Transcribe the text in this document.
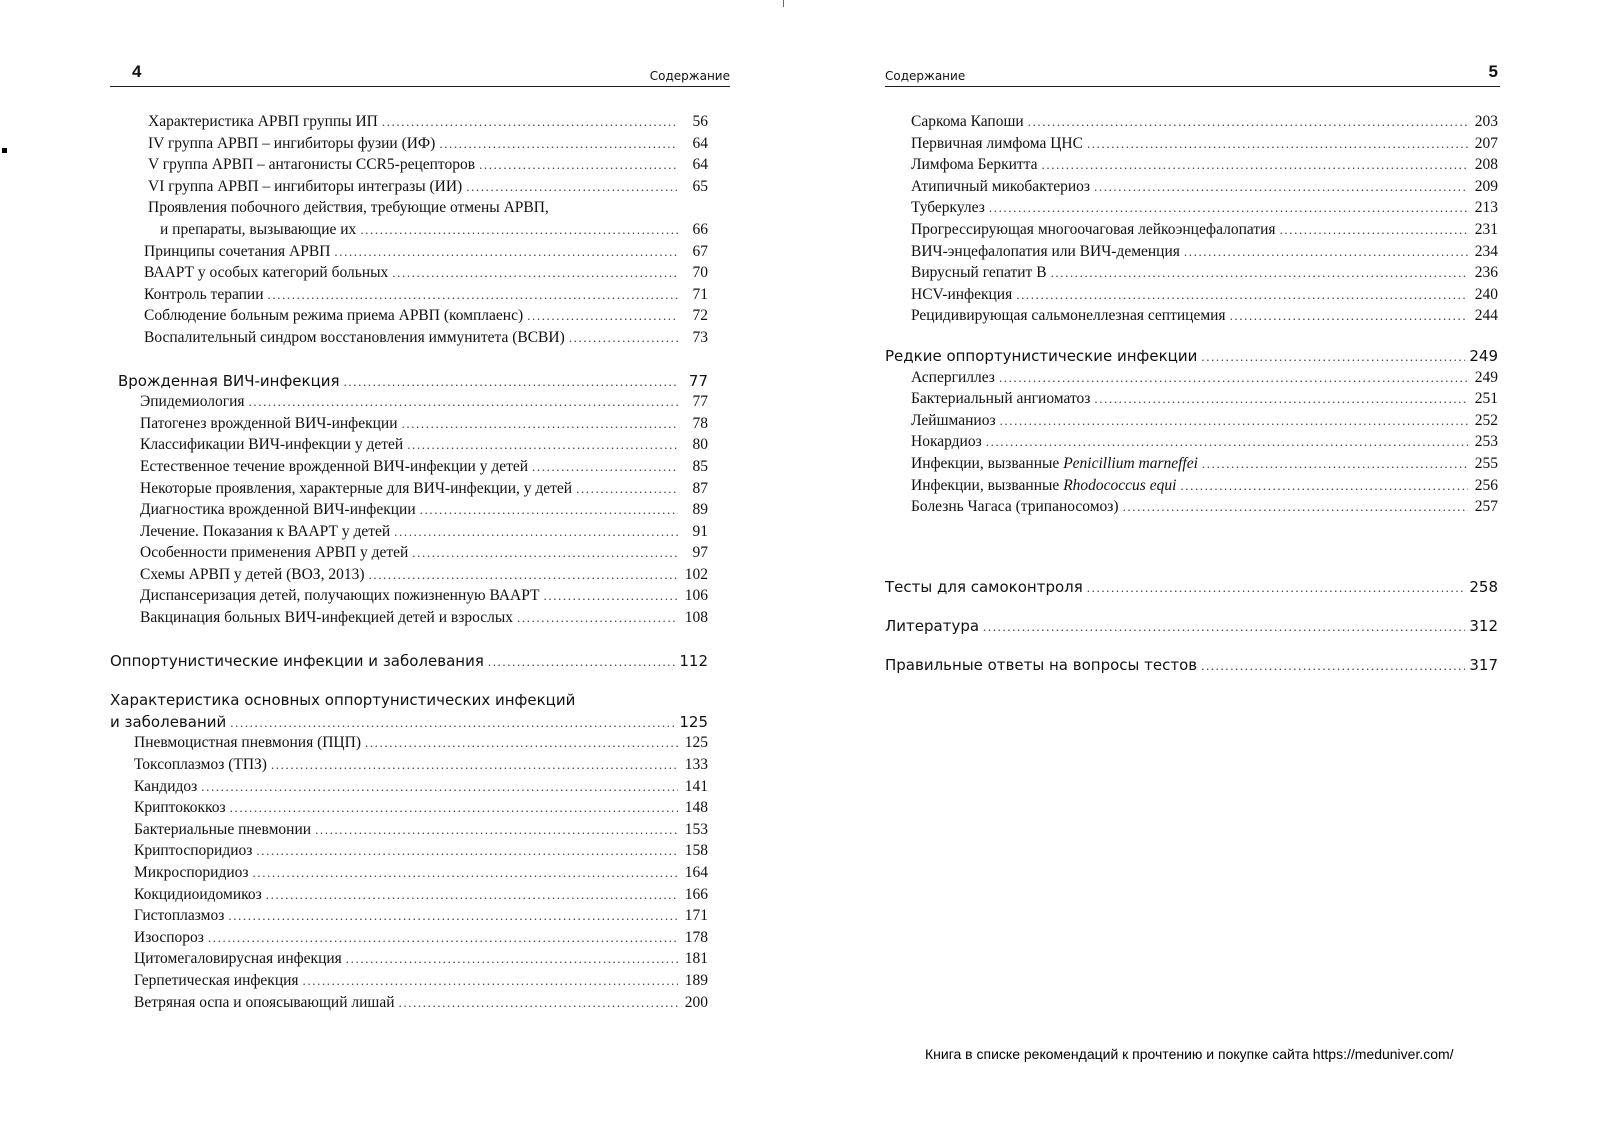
4	Содержание
Характеристика АРВП группы ИП .....	56
IV группа АРВП – ингибиторы фузии (ИФ) .....	64
V группа АРВП – антагонисты CCR5-рецепторов .....	64
VI группа АРВП – ингибиторы интегразы (ИИ) .....	65
Проявления побочного действия, требующие отмены АРВП,
и препараты, вызывающие их .....	66
Принципы сочетания АРВП .....	67
ВААРТ у особых категорий больных .....	70
Контроль терапии .....	71
Соблюдение больным режима приема АРВП (комплаенс) .....	72
Воспалительный синдром восстановления иммунитета (ВСВИ) .....	73
Врожденная ВИЧ-инфекция .....	77
Эпидемиология .....	77
Патогенез врожденной ВИЧ-инфекции .....	78
Классификации ВИЧ-инфекции у детей .....	80
Естественное течение врожденной ВИЧ-инфекции у детей .....	85
Некоторые проявления, характерные для ВИЧ-инфекции, у детей .....	87
Диагностика врожденной ВИЧ-инфекции .....	89
Лечение. Показания к ВААРТ у детей .....	91
Особенности применения АРВП у детей .....	97
Схемы АРВП у детей (ВОЗ, 2013) .....	102
Диспансеризация детей, получающих пожизненную ВААРТ .....	106
Вакцинация больных ВИЧ-инфекцией детей и взрослых .....	108
Оппортунистические инфекции и заболевания .....	112
Характеристика основных оппортунистических инфекций
и заболеваний .....	125
Пневмоцистная пневмония (ПЦП) .....	125
Токсоплазмоз (ТПЗ) .....	133
Кандидоз .....	141
Криптококкоз .....	148
Бактериальные пневмонии .....	153
Криптоспоридиоз .....	158
Микроспоридиоз .....	164
Кокцидиоидомикоз .....	166
Гистоплазмоз .....	171
Изоспороз .....	178
Цитомегаловирусная инфекция .....	181
Герпетическая инфекция .....	189
Ветряная оспа и опоясывающий лишай .....	200
Содержание	5
Саркома Капоши .....	203
Первичная лимфома ЦНС .....	207
Лимфома Беркитта .....	208
Атипичный микобактериоз .....	209
Туберкулез .....	213
Прогрессирующая многоочаговая лейкоэнцефалопатия .....	231
ВИЧ-энцефалопатия или ВИЧ-деменция .....	234
Вирусный гепатит B .....	236
HCV-инфекция .....	240
Рецидивирующая сальмонеллезная септицемия .....	244
Редкие оппортунистические инфекции .....	249
Аспергиллез .....	249
Бактериальный ангиоматоз .....	251
Лейшманиоз .....	252
Нокардиоз .....	253
Инфекции, вызванные Penicillium marneffei .....	255
Инфекции, вызванные Rhodococcus equi .....	256
Болезнь Чагаса (трипаносомоз) .....	257
Тесты для самоконтроля .....	258
Литература .....	312
Правильные ответы на вопросы тестов .....	317
Книга в списке рекомендаций к прочтению и покупке сайта https://meduniver.com/
